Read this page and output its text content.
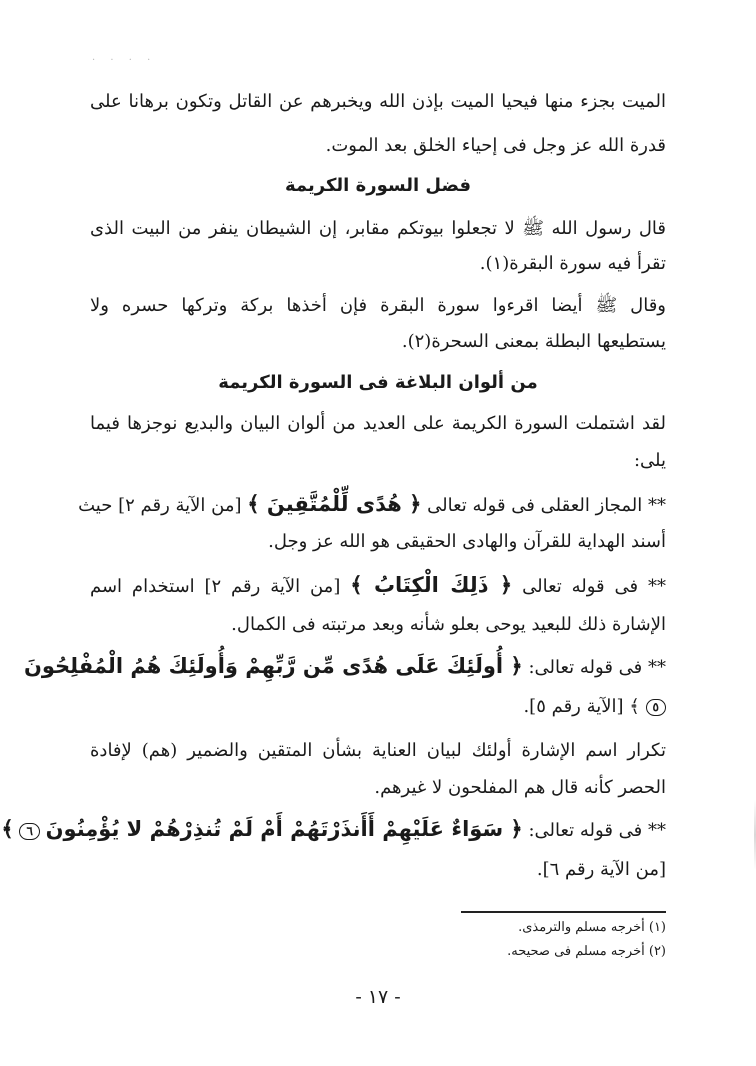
· · · ·
الميت بجزء منها فيحيا الميت بإذن الله ويخبرهم عن القاتل وتكون برهانا على
قدرة الله عز وجل فى إحياء الخلق بعد الموت.
فضل السورة الكريمة
قال رسول الله ﷺ لا تجعلوا بيوتكم مقابر، إن الشيطان ينفر من البيت الذى
تقرأ فيه سورة البقرة(١).
وقال ﷺ أيضا اقرءوا سورة البقرة فإن أخذها بركة وتركها حسره ولا
يستطيعها البطلة بمعنى السحرة(٢).
من ألوان البلاغة فى السورة الكريمة
لقد اشتملت السورة الكريمة على العديد من ألوان البيان والبديع نوجزها فيما
يلى:
** المجاز العقلى فى قوله تعالى ﴿ هُدًى لِّلْمُتَّقِينَ ﴾ [من الآية رقم ٢] حيث
أسند الهداية للقرآن والهادى الحقيقى هو الله عز وجل.
** فى قوله تعالى ﴿ ذَلِكَ الْكِتَابُ ﴾ [من الآية رقم ٢] استخدام اسم
الإشارة ذلك للبعيد يوحى بعلو شأنه وبعد مرتبته فى الكمال.
** فى قوله تعالى: ﴿ أُولَئِكَ عَلَى هُدًى مِّن رَّبِّهِمْ وَأُولَئِكَ هُمُ الْمُفْلِحُونَ
٥ ﴾ [الآية رقم ٥].
تكرار اسم الإشارة أولئك لبيان العناية بشأن المتقين والضمير (هم) لإفادة
الحصر كأنه قال هم المفلحون لا غيرهم.
** فى قوله تعالى: ﴿ سَوَاءٌ عَلَيْهِمْ أَأَنذَرْتَهُمْ أَمْ لَمْ تُنذِرْهُمْ لا يُؤْمِنُونَ ٦ ﴾
[من الآية رقم ٦].
(١) أخرجه مسلم والترمذى.
(٢) أخرجه مسلم فى صحيحه.
- ١٧ -
